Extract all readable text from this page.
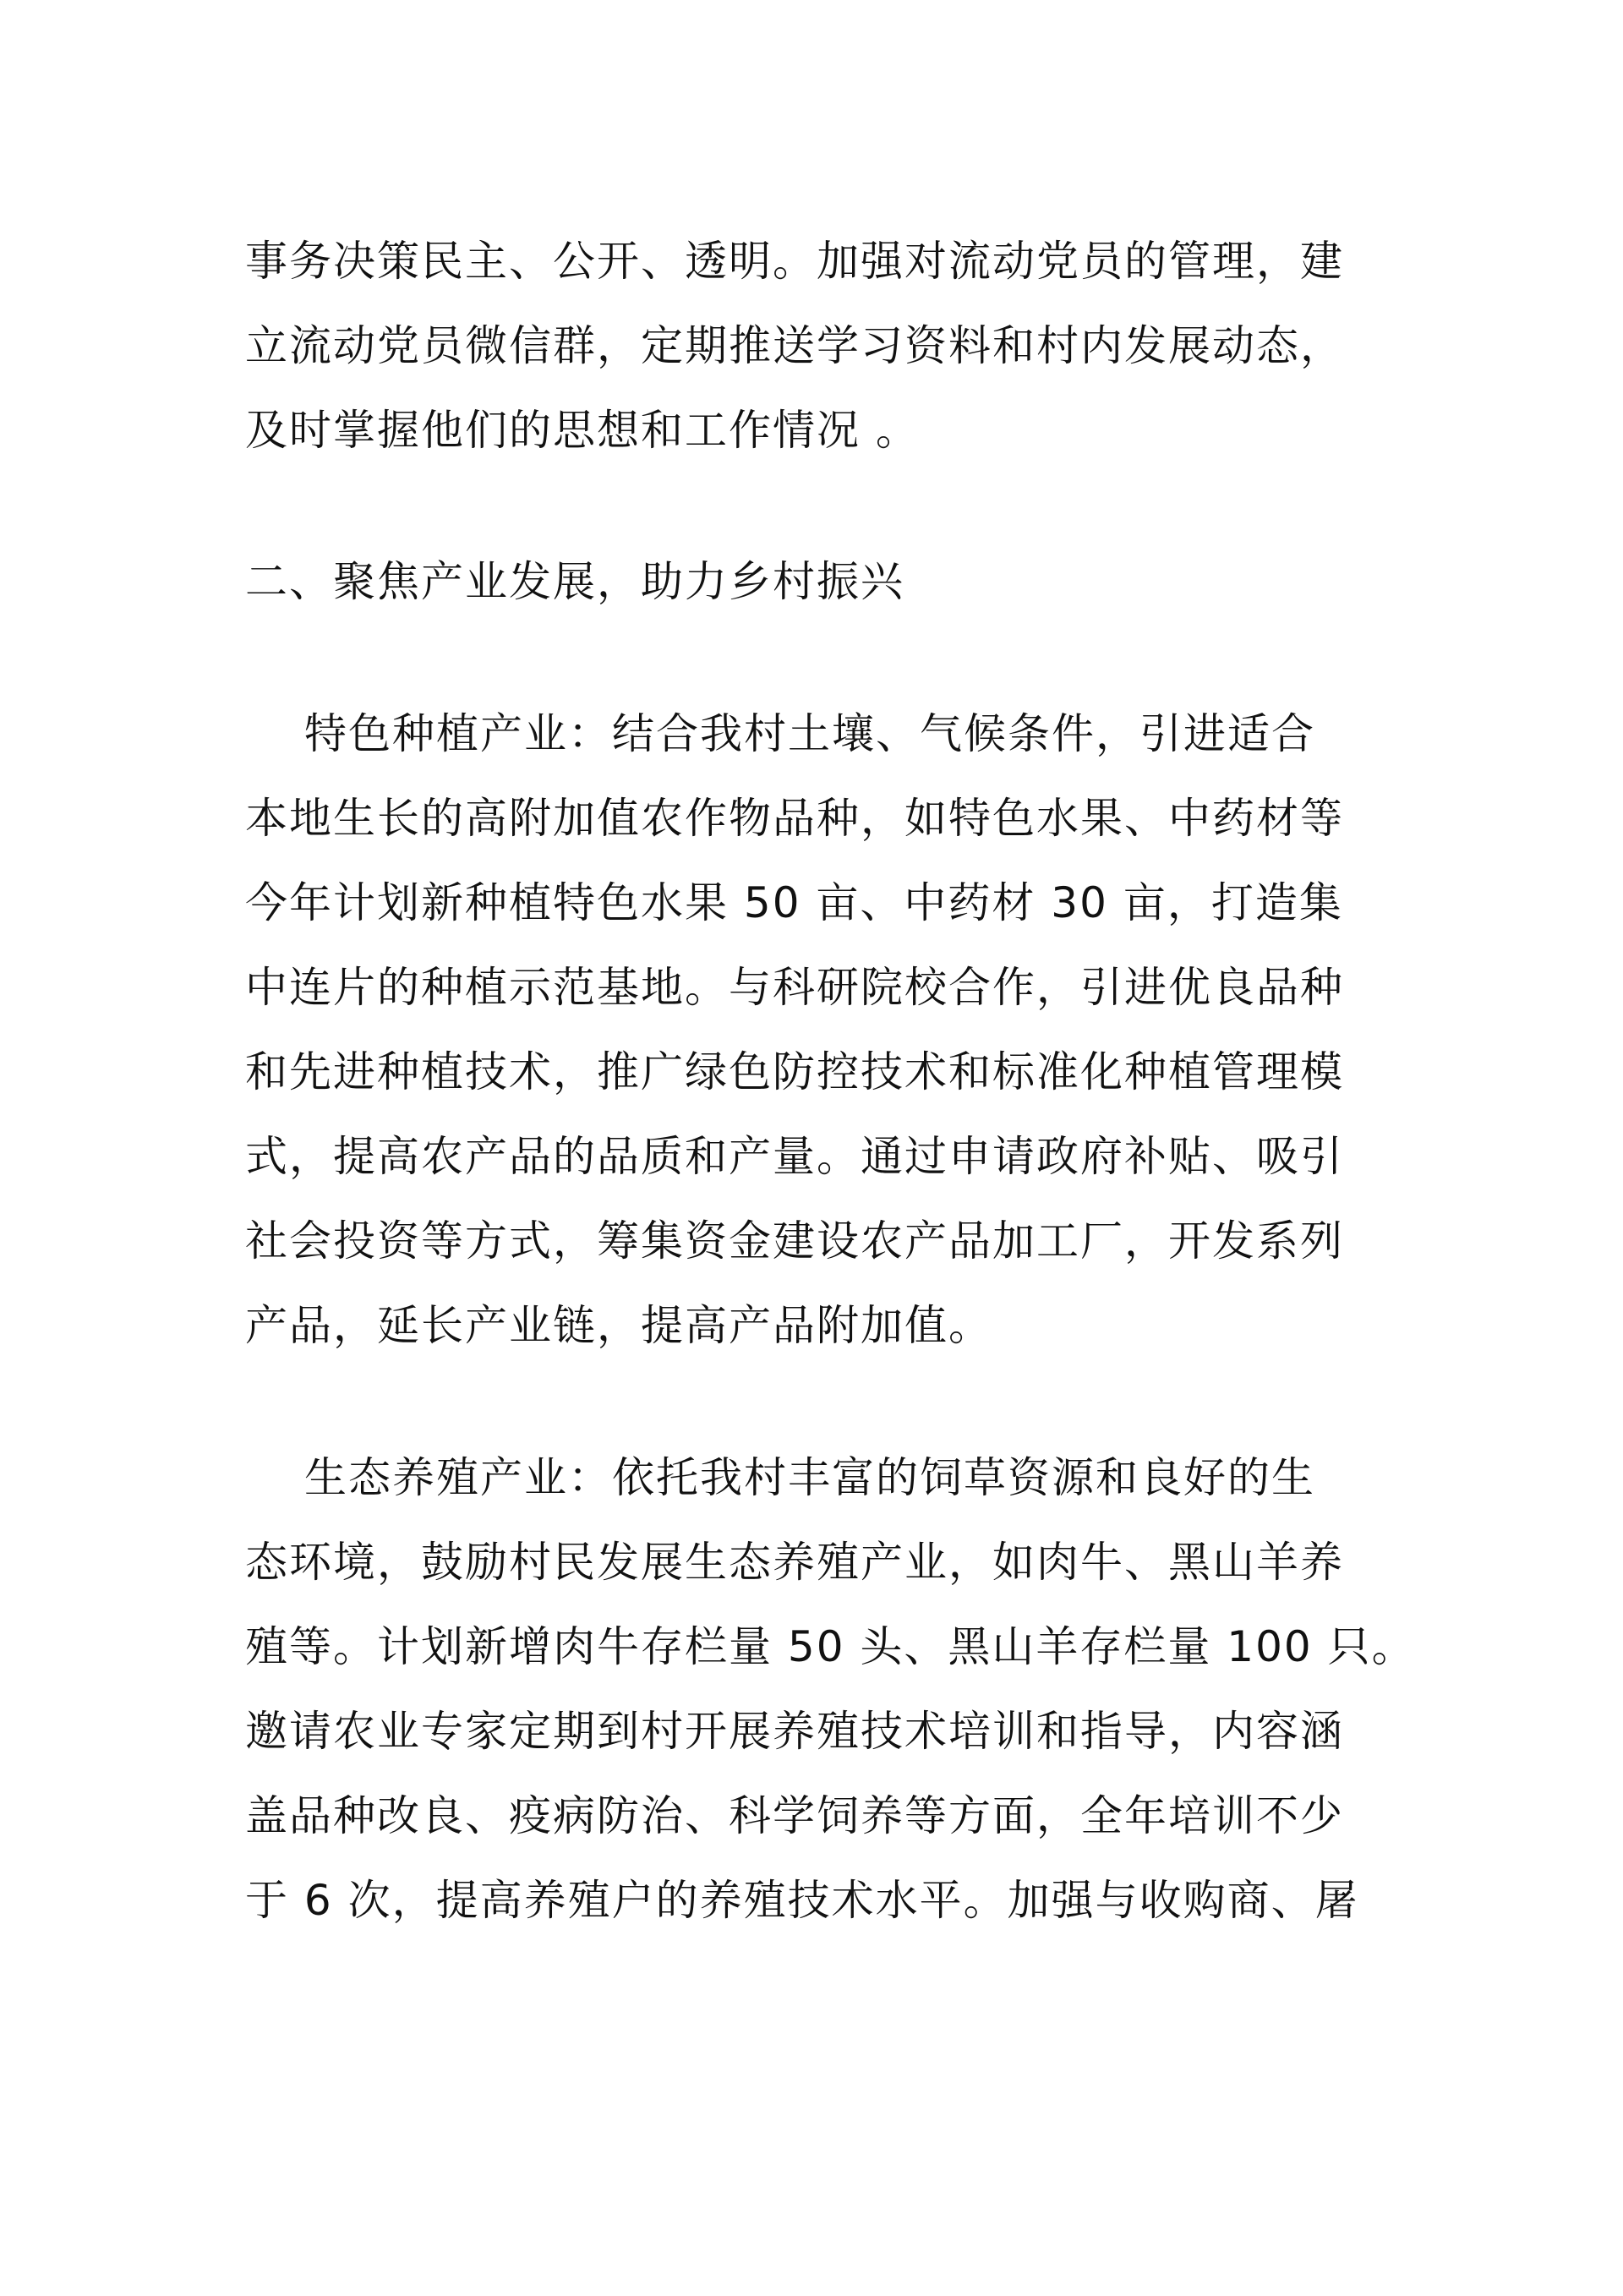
事务决策民主、公开、透明。加强对流动党员的管理，建

立流动党员微信群，定期推送学习资料和村内发展动态，

及时掌握他们的思想和工作情况 。

二、聚焦产业发展，助力乡村振兴

特色种植产业：结合我村土壤、气候条件，引进适合

本地生长的高附加值农作物品种，如特色水果、中药材等

今年计划新种植特色水果 50 亩、中药材 30 亩，打造集

中连片的种植示范基地。与科研院校合作，引进优良品种

和先进种植技术，推广绿色防控技术和标准化种植管理模

式，提高农产品的品质和产量。通过申请政府补贴、吸引

社会投资等方式，筹集资金建设农产品加工厂，开发系列

产品，延长产业链，提高产品附加值。

生态养殖产业：依托我村丰富的饲草资源和良好的生

态环境，鼓励村民发展生态养殖产业，如肉牛、黑山羊养

殖等。计划新增肉牛存栏量 50 头、黑山羊存栏量 100 只。

邀请农业专家定期到村开展养殖技术培训和指导，内容涵

盖品种改良、疫病防治、科学饲养等方面，全年培训不少

于 6 次，提高养殖户的养殖技术水平。加强与收购商、屠
